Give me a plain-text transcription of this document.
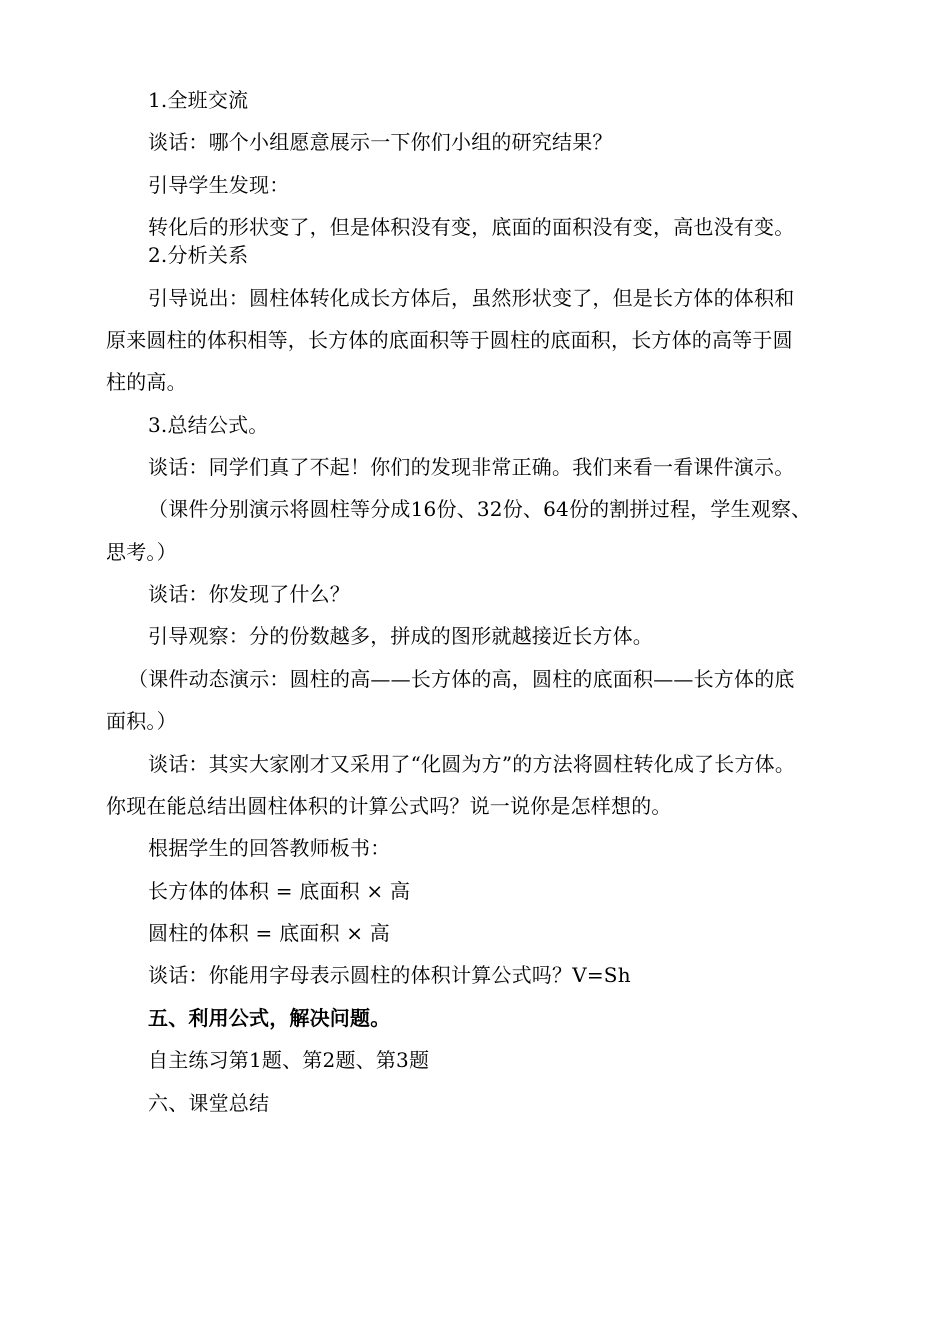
1.全班交流
谈话：哪个小组愿意展示一下你们小组的研究结果？
引导学生发现：
转化后的形状变了，但是体积没有变，底面的面积没有变，高也没有变。
2.分析关系
引导说出：圆柱体转化成长方体后，虽然形状变了，但是长方体的体积和
原来圆柱的体积相等，长方体的底面积等于圆柱的底面积，长方体的高等于圆
柱的高。
3.总结公式。
谈话：同学们真了不起！你们的发现非常正确。我们来看一看课件演示。
（课件分别演示将圆柱等分成16份、32份、64份的割拼过程，学生观察、
思考。）
谈话：你发现了什么？
引导观察：分的份数越多，拼成的图形就越接近长方体。
（课件动态演示：圆柱的高——长方体的高，圆柱的底面积——长方体的底
面积。）
谈话：其实大家刚才又采用了“化圆为方”的方法将圆柱转化成了长方体。
你现在能总结出圆柱体积的计算公式吗？说一说你是怎样想的。
根据学生的回答教师板书：
长方体的体积 = 底面积 × 高
圆柱的体积 = 底面积 × 高
谈话：你能用字母表示圆柱的体积计算公式吗？V=Sh
五、利用公式，解决问题。
自主练习第1题、第2题、第3题
六、课堂总结
